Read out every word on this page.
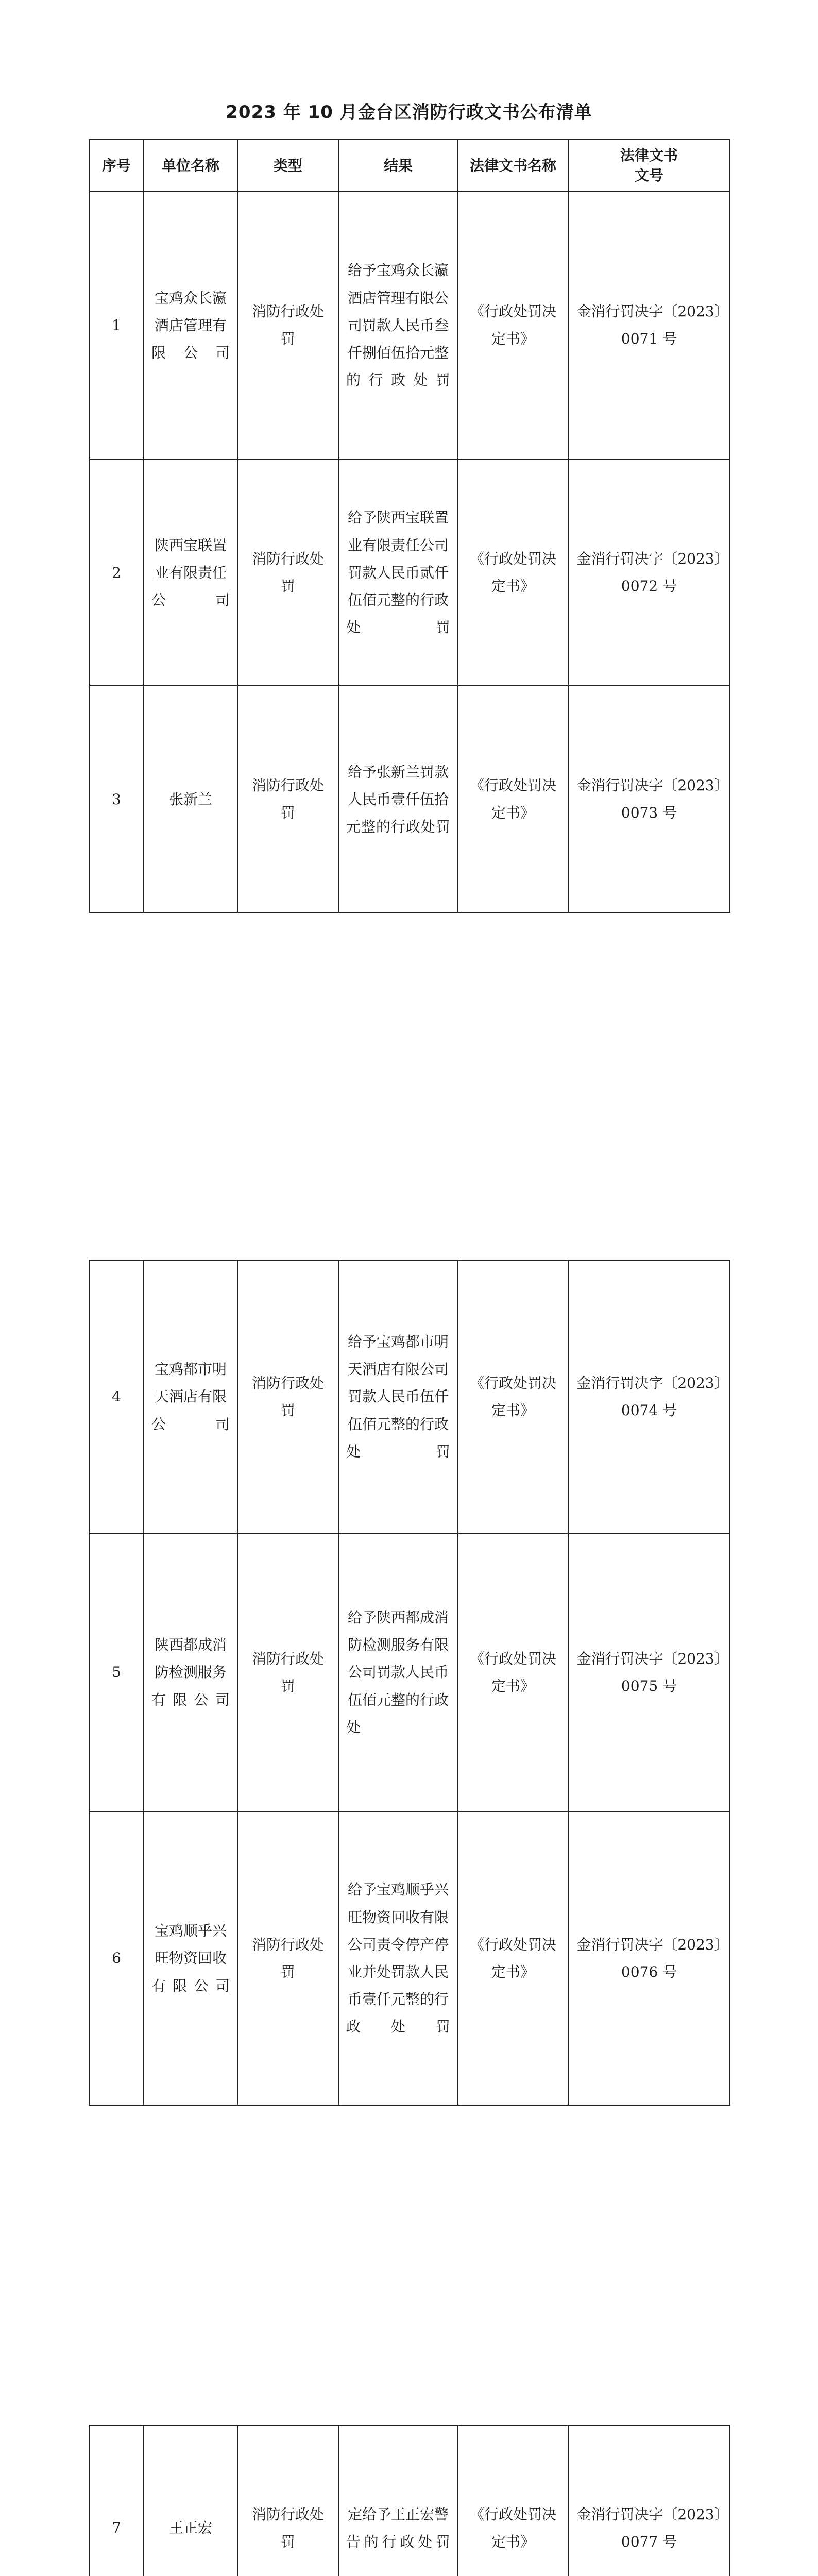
2023 年 10 月金台区消防行政文书公布清单
序号	单位名称	类型	结果	法律文书名称	法律文书
文号
1	宝鸡众长瀛酒店管理有限公司	消防行政处罚	给予宝鸡众长瀛酒店管理有限公司罚款人民币叁仟捌佰伍拾元整的行政处罚	《行政处罚决定书》	金消行罚决字〔2023〕0071 号
2	陕西宝联置业有限责任公司	消防行政处罚	给予陕西宝联置业有限责任公司罚款人民币贰仟伍佰元整的行政处罚	《行政处罚决定书》	金消行罚决字〔2023〕0072 号
3	张新兰	消防行政处罚	给予张新兰罚款人民币壹仟伍拾元整的行政处罚	《行政处罚决定书》	金消行罚决字〔2023〕0073 号
4	宝鸡都市明天酒店有限公司	消防行政处罚	给予宝鸡都市明天酒店有限公司罚款人民币伍仟伍佰元整的行政处罚	《行政处罚决定书》	金消行罚决字〔2023〕0074 号
5	陕西都成消防检测服务有限公司	消防行政处罚	给予陕西都成消防检测服务有限公司罚款人民币伍佰元整的行政处	《行政处罚决定书》	金消行罚决字〔2023〕0075 号
6	宝鸡顺乎兴旺物资回收有限公司	消防行政处罚	给予宝鸡顺乎兴旺物资回收有限公司责令停产停业并处罚款人民币壹仟元整的行政处罚	《行政处罚决定书》	金消行罚决字〔2023〕0076 号
7	王正宏	消防行政处罚	定给予王正宏警告的行政处罚	《行政处罚决定书》	金消行罚决字〔2023〕0077 号
